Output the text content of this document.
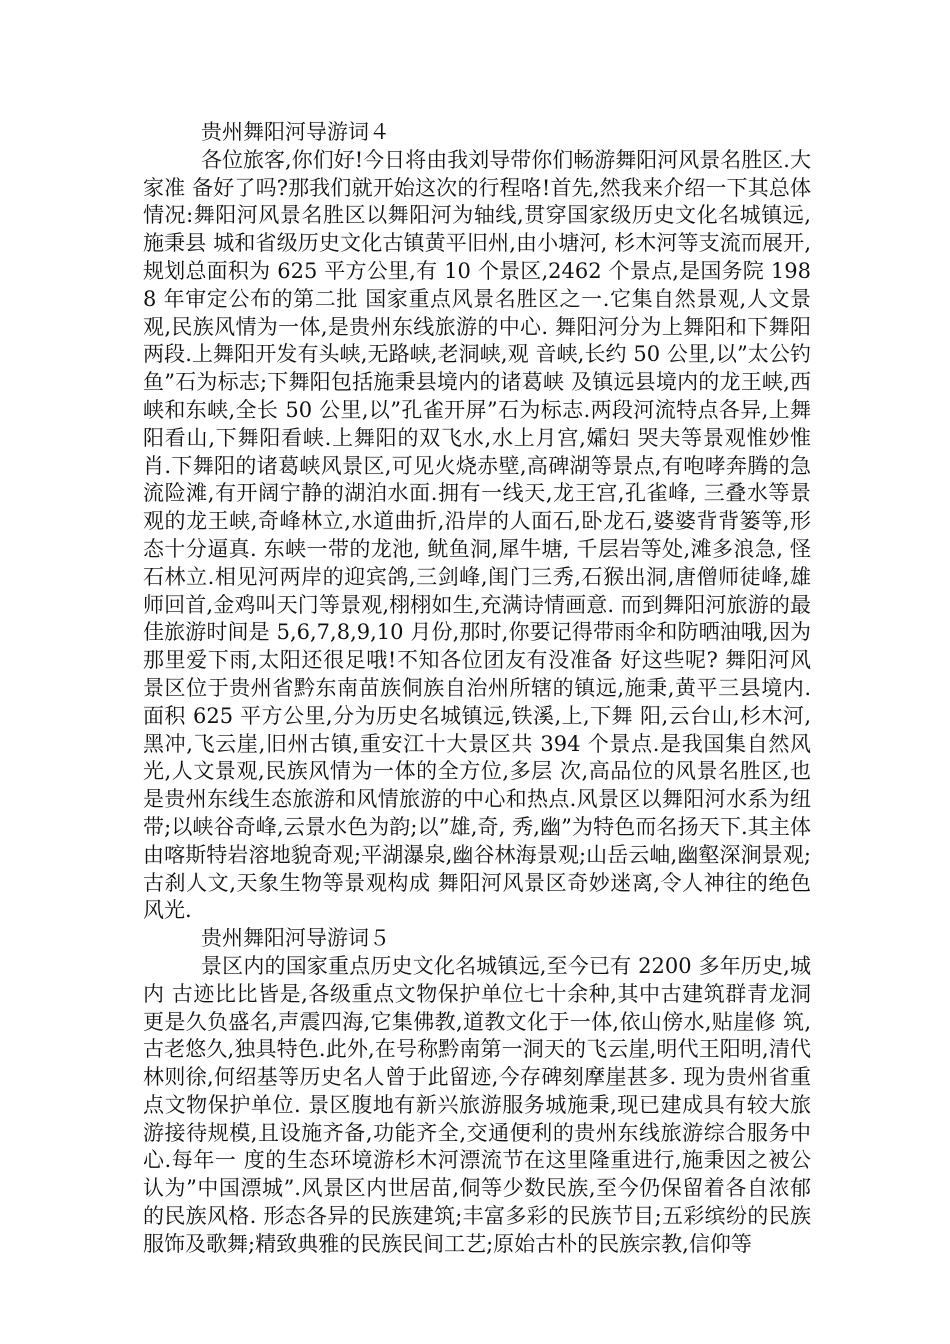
贵州舞阳河导游词４

各位旅客,你们好!今日将由我刘导带你们畅游舞阳河风景名胜区.大家准 备好了吗?那我们就开始这次的行程咯!首先,然我来介绍一下其总体情况:舞阳河风景名胜区以舞阳河为轴线,贯穿国家级历史文化名城镇远,施秉县 城和省级历史文化古镇黄平旧州,由小塘河, 杉木河等支流而展开,规划总面积为 625 平方公里,有 10 个景区,2462 个景点,是国务院 1988 年审定公布的第二批 国家重点风景名胜区之一.它集自然景观,人文景观,民族风情为一体,是贵州东线旅游的中心. 舞阳河分为上舞阳和下舞阳两段.上舞阳开发有头峡,无路峡,老洞峡,观 音峡,长约 50 公里,以”太公钓鱼”石为标志;下舞阳包括施秉县境内的诸葛峡 及镇远县境内的龙王峡,西峡和东峡,全长 50 公里,以”孔雀开屏”石为标志.两段河流特点各异,上舞阳看山,下舞阳看峡.上舞阳的双飞水,水上月宫,孀妇 哭夫等景观惟妙惟肖.下舞阳的诸葛峡风景区,可见火烧赤壁,高碑湖等景点,有咆哮奔腾的急流险滩,有开阔宁静的湖泊水面.拥有一线天,龙王宫,孔雀峰, 三叠水等景观的龙王峡,奇峰林立,水道曲折,沿岸的人面石,卧龙石,婆婆背背篓等,形态十分逼真. 东峡一带的龙池, 鱿鱼洞,犀牛塘, 千层岩等处,滩多浪急, 怪石林立.相见河两岸的迎宾鸽,三剑峰,闺门三秀,石猴出洞,唐僧师徒峰,雄师回首,金鸡叫天门等景观,栩栩如生,充满诗情画意. 而到舞阳河旅游的最佳旅游时间是 5,6,7,8,9,10 月份,那时,你要记得带雨伞和防晒油哦,因为那里爱下雨,太阳还很足哦!不知各位团友有没准备 好这些呢? 舞阳河风景区位于贵州省黔东南苗族侗族自治州所辖的镇远,施秉,黄平三县境内.面积 625 平方公里,分为历史名城镇远,铁溪,上,下舞 阳,云台山,杉木河,黑冲,飞云崖,旧州古镇,重安江十大景区共 394 个景点.是我国集自然风光,人文景观,民族风情为一体的全方位,多层 次,高品位的风景名胜区,也是贵州东线生态旅游和风情旅游的中心和热点.风景区以舞阳河水系为纽带;以峡谷奇峰,云景水色为韵;以”雄,奇, 秀,幽”为特色而名扬天下.其主体由喀斯特岩溶地貌奇观;平湖瀑泉,幽谷林海景观;山岳云岫,幽壑深涧景观;古刹人文,天象生物等景观构成 舞阳河风景区奇妙迷离,令人神往的绝色风光.

贵州舞阳河导游词５

景区内的国家重点历史文化名城镇远,至今已有 2200 多年历史,城内 古迹比比皆是,各级重点文物保护单位七十余种,其中古建筑群青龙洞更是久负盛名,声震四海,它集佛教,道教文化于一体,依山傍水,贴崖修 筑,古老悠久,独具特色.此外,在号称黔南第一洞天的飞云崖,明代王阳明,清代林则徐,何绍基等历史名人曾于此留迹,今存碑刻摩崖甚多. 现为贵州省重点文物保护单位. 景区腹地有新兴旅游服务城施秉,现已建成具有较大旅游接待规模,且设施齐备,功能齐全,交通便利的贵州东线旅游综合服务中心.每年一 度的生态环境游杉木河漂流节在这里隆重进行,施秉因之被公认为”中国漂城”.风景区内世居苗,侗等少数民族,至今仍保留着各自浓郁的民族风格. 形态各异的民族建筑;丰富多彩的民族节目;五彩缤纷的民族服饰及歌舞;精致典雅的民族民间工艺;原始古朴的民族宗教,信仰等
